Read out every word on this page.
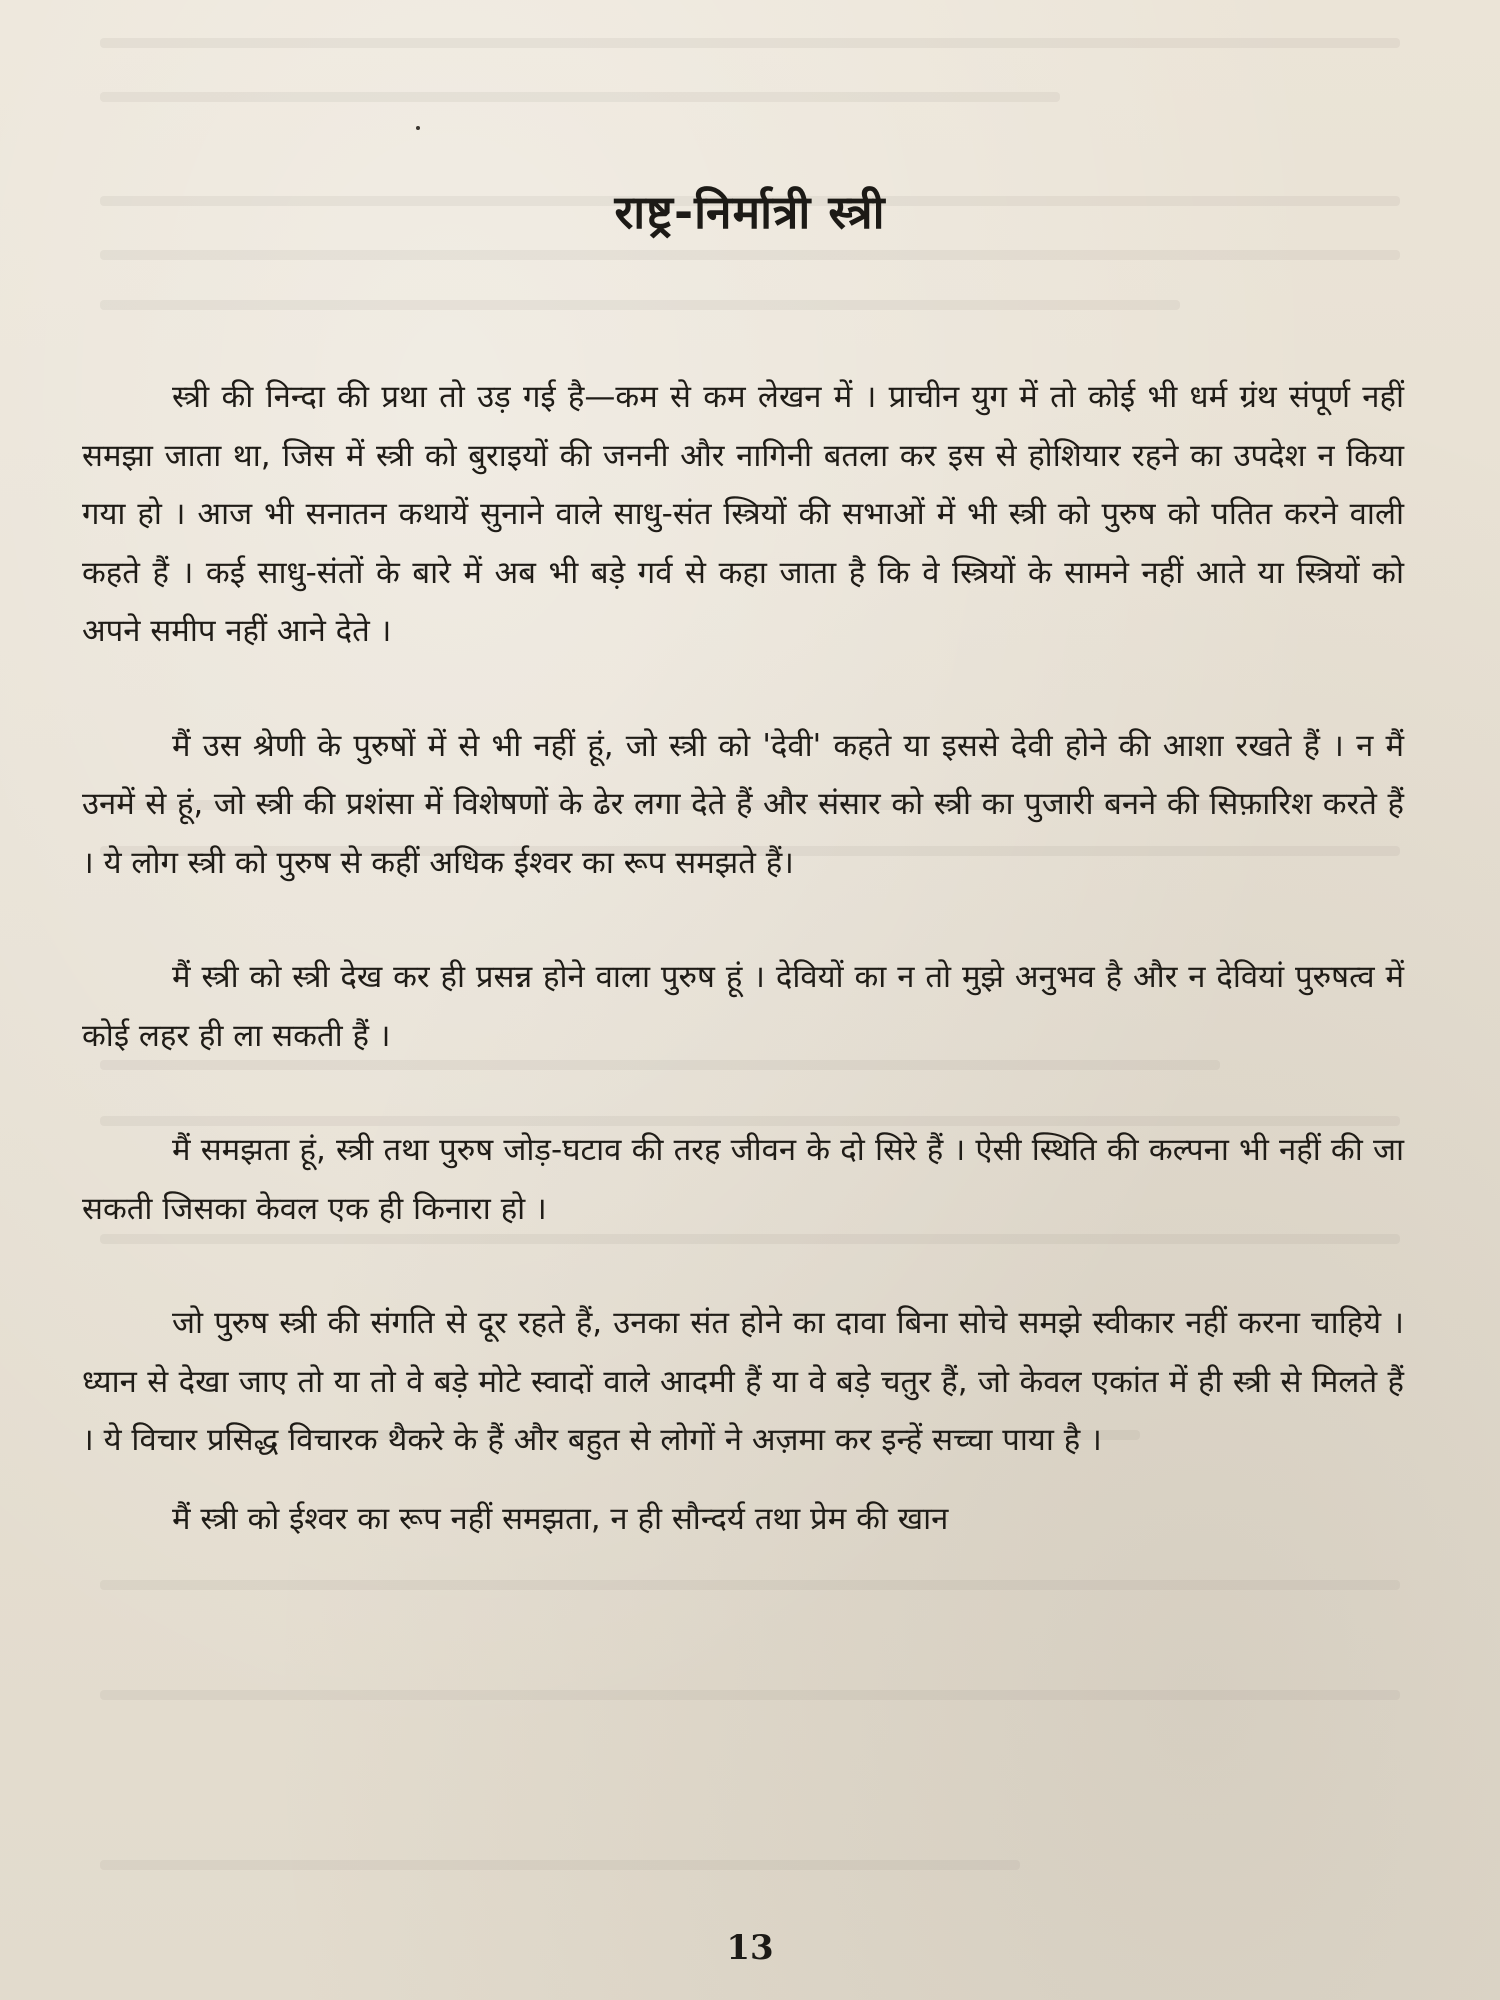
राष्ट्र-निर्मात्री स्त्री

स्त्री की निन्दा की प्रथा तो उड़ गई है—कम से कम लेखन में । प्राचीन युग में तो कोई भी धर्म ग्रंथ संपूर्ण नहीं समझा जाता था, जिस में स्त्री को बुराइयों की जननी और नागिनी बतला कर इस से होशियार रहने का उपदेश न किया गया हो । आज भी सनातन कथायें सुनाने वाले साधु-संत स्त्रियों की सभाओं में भी स्त्री को पुरुष को पतित करने वाली कहते हैं । कई साधु-संतों के बारे में अब भी बड़े गर्व से कहा जाता है कि वे स्त्रियों के सामने नहीं आते या स्त्रियों को अपने समीप नहीं आने देते ।

मैं उस श्रेणी के पुरुषों में से भी नहीं हूं, जो स्त्री को 'देवी' कहते या इससे देवी होने की आशा रखते हैं । न मैं उनमें से हूं, जो स्त्री की प्रशंसा में विशेषणों के ढेर लगा देते हैं और संसार को स्त्री का पुजारी बनने की सिफ़ारिश करते हैं । ये लोग स्त्री को पुरुष से कहीं अधिक ईश्वर का रूप समझते हैं।

मैं स्त्री को स्त्री देख कर ही प्रसन्न होने वाला पुरुष हूं । देवियों का न तो मुझे अनुभव है और न देवियां पुरुषत्व में कोई लहर ही ला सकती हैं ।

मैं समझता हूं, स्त्री तथा पुरुष जोड़-घटाव की तरह जीवन के दो सिरे हैं । ऐसी स्थिति की कल्पना भी नहीं की जा सकती जिसका केवल एक ही किनारा हो ।

जो पुरुष स्त्री की संगति से दूर रहते हैं, उनका संत होने का दावा बिना सोचे समझे स्वीकार नहीं करना चाहिये । ध्यान से देखा जाए तो या तो वे बड़े मोटे स्वादों वाले आदमी हैं या वे बड़े चतुर हैं, जो केवल एकांत में ही स्त्री से मिलते हैं । ये विचार प्रसिद्ध विचारक थैकरे के हैं और बहुत से लोगों ने अज़मा कर इन्हें सच्चा पाया है ।

मैं स्त्री को ईश्वर का रूप नहीं समझता, न ही सौन्दर्य तथा प्रेम की खान

13
